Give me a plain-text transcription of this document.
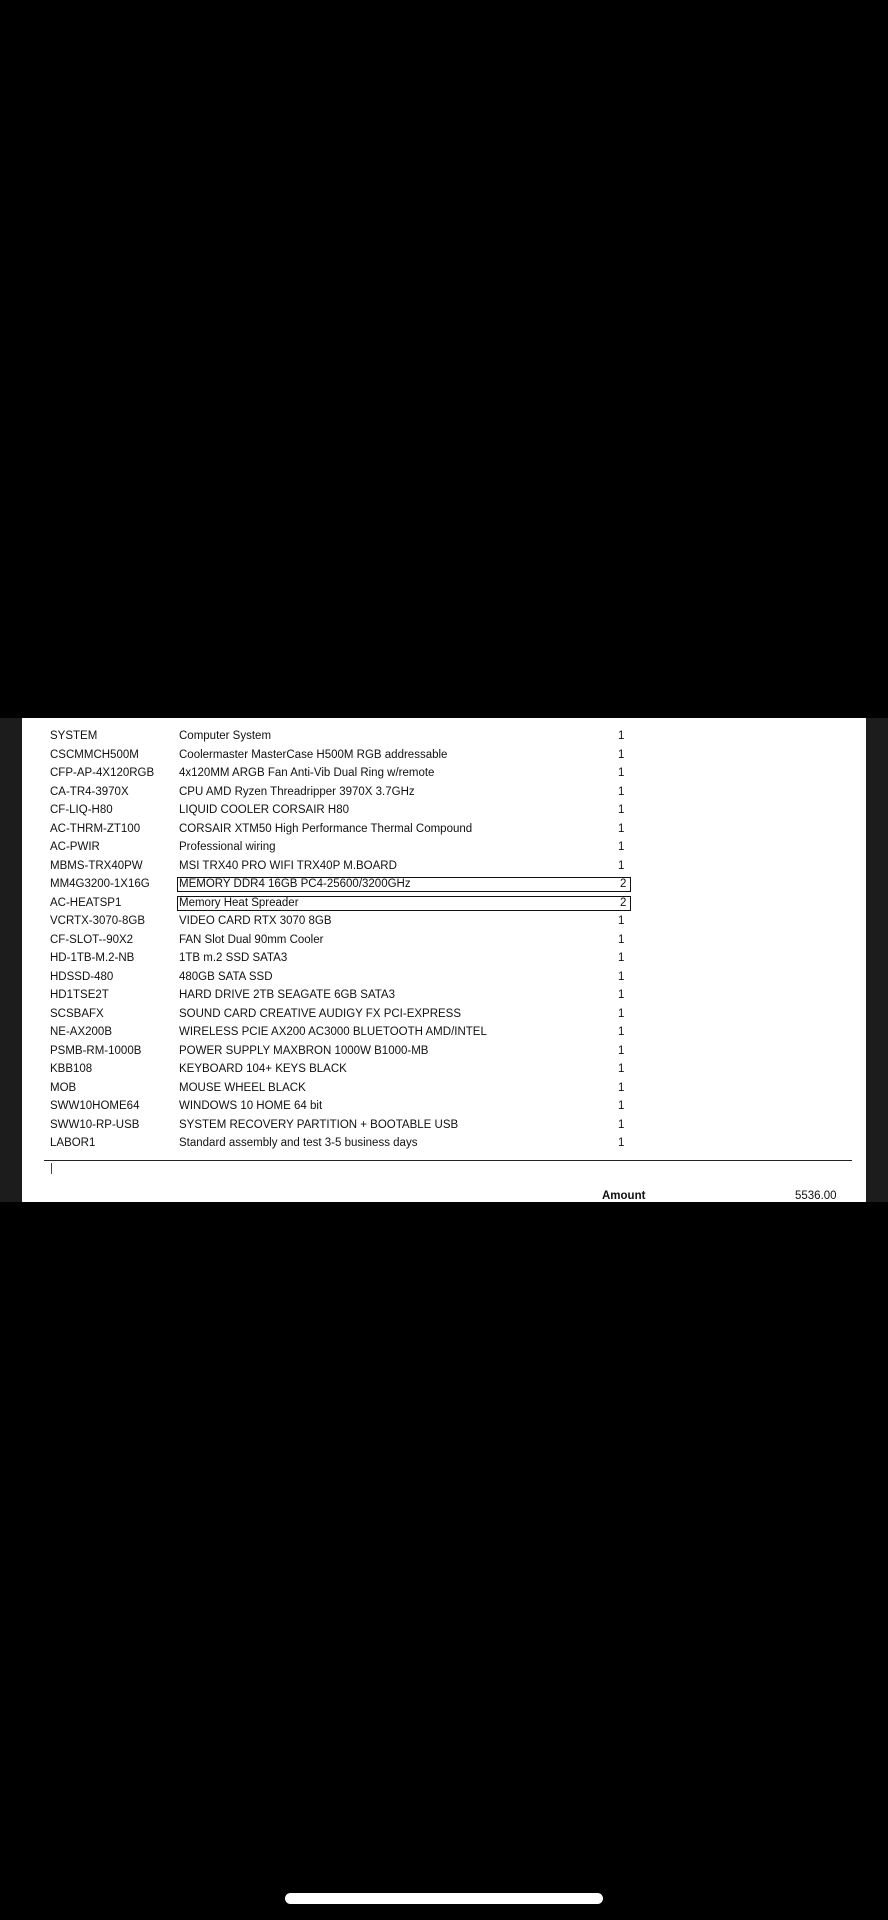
SYSTEM	Computer System	1
CSCMMCH500M	Coolermaster MasterCase H500M RGB addressable	1
CFP-AP-4X120RGB 4x120MM ARGB Fan Anti-Vib Dual Ring w/remote	1
CA-TR4-3970X	CPU AMD Ryzen Threadripper 3970X 3.7GHz	1
CF-LIQ-H80	LIQUID COOLER CORSAIR H80	1
AC-THRM-ZT100	CORSAIR XTM50 High Performance Thermal Compound	1
AC-PWIR	Professional wiring	1
MBMS-TRX40PW	MSI TRX40 PRO WIFI TRX40P M.BOARD	1
MM4G3200-1X16G	MEMORY DDR4 16GB PC4-25600/3200GHz	2
AC-HEATSP1	Memory Heat Spreader	2
VCRTX-3070-8GB	VIDEO CARD RTX 3070 8GB	1
CF-SLOT--90X2	FAN Slot Dual 90mm Cooler	1
HD-1TB-M.2-NB	1TB m.2 SSD SATA3	1
HDSSD-480	480GB SATA SSD	1
HD1TSE2T	HARD DRIVE 2TB SEAGATE 6GB SATA3	1
SCSBAFX	SOUND CARD CREATIVE AUDIGY FX PCI-EXPRESS	1
NE-AX200B	WIRELESS PCIE AX200 AC3000 BLUETOOTH AMD/INTEL	1
PSMB-RM-1000B	POWER SUPPLY MAXBRON 1000W B1000-MB	1
KBB108	KEYBOARD 104+ KEYS BLACK	1
MOB	MOUSE WHEEL BLACK	1
SWW10HOME64	WINDOWS 10 HOME 64 bit	1
SWW10-RP-USB	SYSTEM RECOVERY PARTITION + BOOTABLE USB	1
LABOR1	Standard assembly and test 3-5 business days	1
Amount	5536.00
